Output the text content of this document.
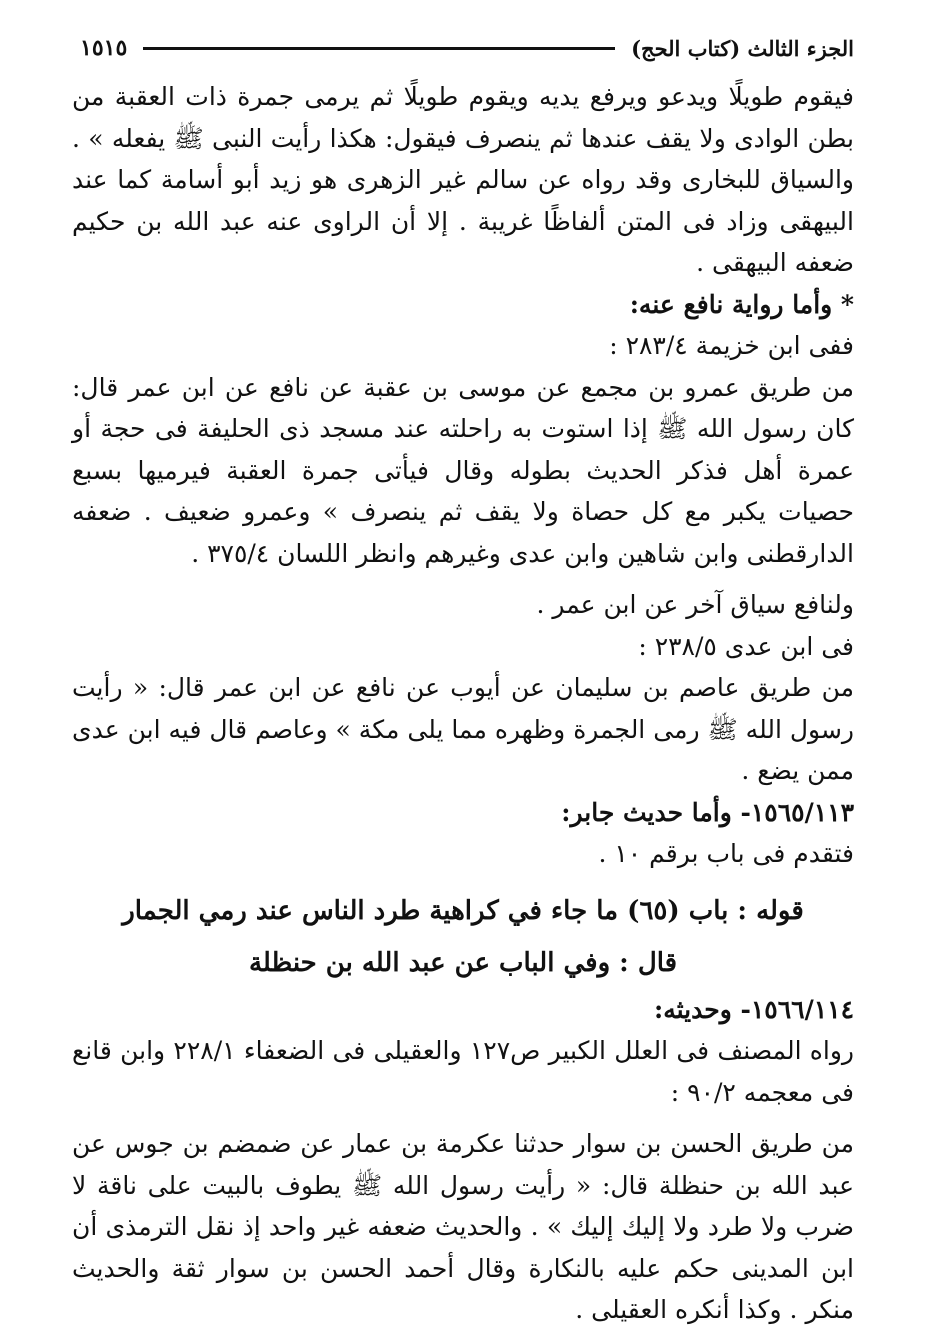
الجزء الثالث (كتاب الحج)
١٥١٥

فيقوم طويلًا ويدعو ويرفع يديه ويقوم طويلًا ثم يرمى جمرة ذات العقبة من بطن الوادى ولا يقف عندها ثم ينصرف فيقول: هكذا رأيت النبى ﷺ يفعله » . والسياق للبخارى وقد رواه عن سالم غير الزهرى هو زيد أبو أسامة كما عند البيهقى وزاد فى المتن ألفاظًا غريبة . إلا أن الراوى عنه عبد الله بن حكيم ضعفه البيهقى .

* وأما رواية نافع عنه:

ففى ابن خزيمة ٢٨٣/٤ :

من طريق عمرو بن مجمع عن موسى بن عقبة عن نافع عن ابن عمر قال: كان رسول الله ﷺ إذا استوت به راحلته عند مسجد ذى الحليفة فى حجة أو عمرة أهل فذكر الحديث بطوله وقال فيأتى جمرة العقبة فيرميها بسبع حصيات يكبر مع كل حصاة ولا يقف ثم ينصرف » وعمرو ضعيف . ضعفه الدارقطنى وابن شاهين وابن عدى وغيرهم وانظر اللسان ٣٧٥/٤ .

ولنافع سياق آخر عن ابن عمر .

فى ابن عدى ٢٣٨/٥ :

من طريق عاصم بن سليمان عن أيوب عن نافع عن ابن عمر قال: « رأيت رسول الله ﷺ رمى الجمرة وظهره مما يلى مكة » وعاصم قال فيه ابن عدى ممن يضع .

١٥٦٥/١١٣- وأما حديث جابر:

فتقدم فى باب برقم ١٠ .

قوله : باب (٦٥) ما جاء في كراهية طرد الناس عند رمي الجمار

قال : وفي الباب عن عبد الله بن حنظلة

١٥٦٦/١١٤- وحديثه:

رواه المصنف فى العلل الكبير ص١٢٧ والعقيلى فى الضعفاء ٢٢٨/١ وابن قانع فى معجمه ٩٠/٢ :

من طريق الحسن بن سوار حدثنا عكرمة بن عمار عن ضمضم بن جوس عن عبد الله بن حنظلة قال: « رأيت رسول الله ﷺ يطوف بالبيت على ناقة لا ضرب ولا طرد ولا إليك إليك » . والحديث ضعفه غير واحد إذ نقل الترمذى أن ابن المدينى حكم عليه بالنكارة وقال أحمد الحسن بن سوار ثقة والحديث منكر . وكذا أنكره العقيلى .
